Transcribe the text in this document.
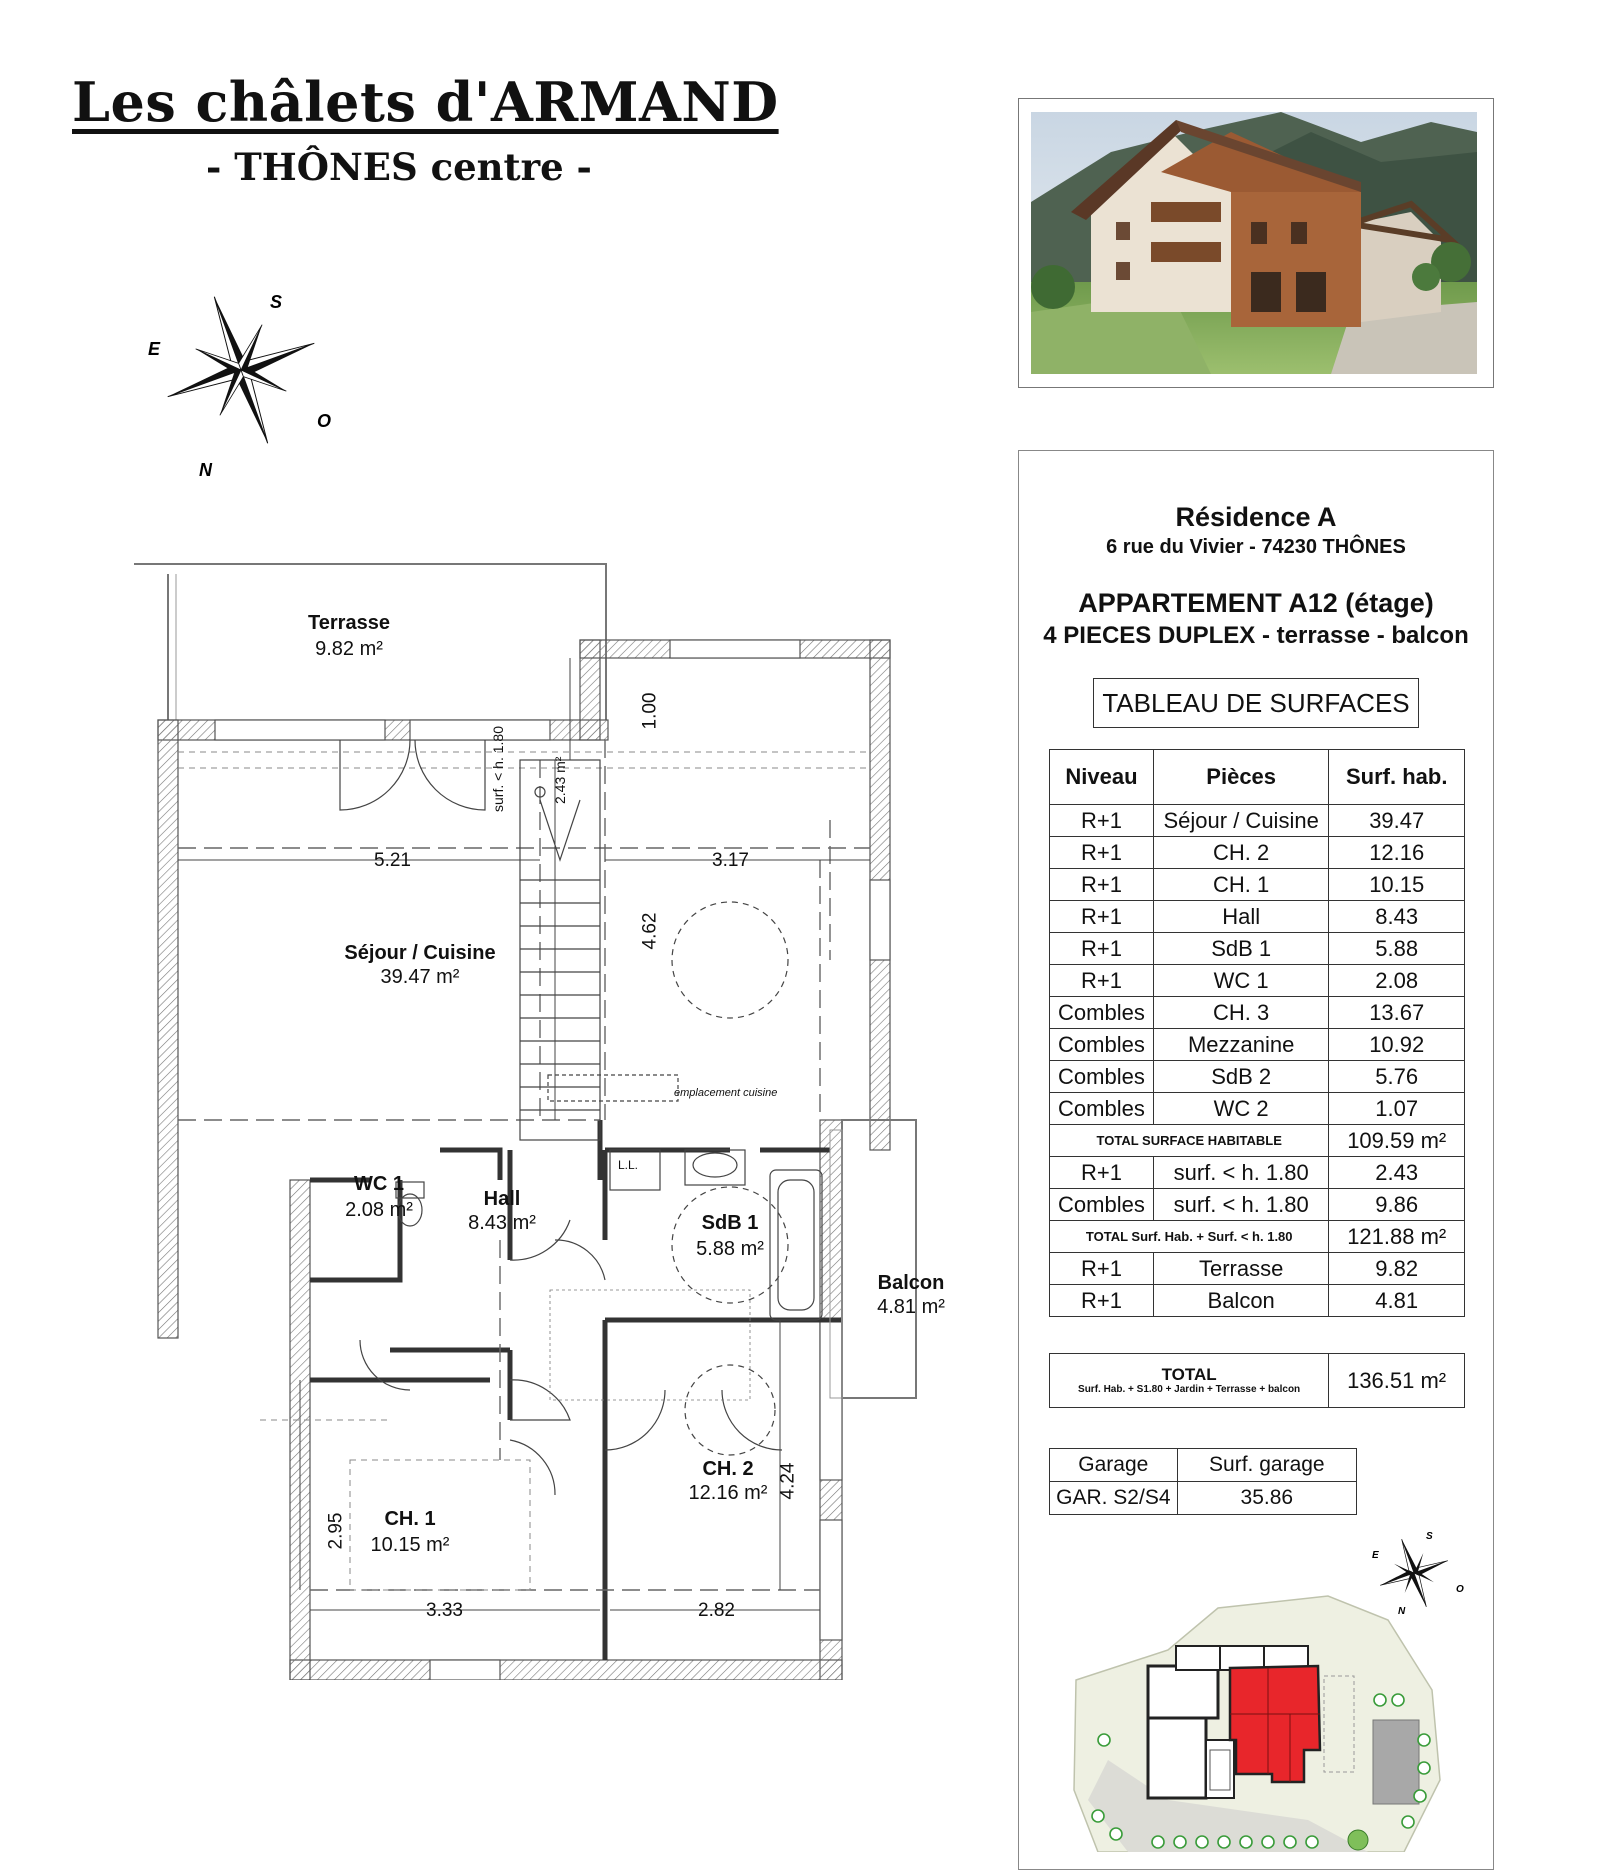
Les châlets d'ARMAND
- THÔNES centre -
S
E
O
N
Résidence A
6 rue du Vivier - 74230 THÔNES
APPARTEMENT A12 (étage)
4 PIECES DUPLEX - terrasse - balcon
TABLEAU DE SURFACES
Niveau	Pièces	Surf. hab.
R+1	Séjour / Cuisine	39.47
R+1	CH. 2	12.16
R+1	CH. 1	10.15
R+1	Hall	8.43
R+1	SdB 1	5.88
R+1	WC 1	2.08
Combles	CH. 3	13.67
Combles	Mezzanine	10.92
Combles	SdB 2	5.76
Combles	WC 2	1.07
TOTAL SURFACE HABITABLE		109.59 m²
R+1	surf. < h. 1.80	2.43
Combles	surf. < h. 1.80	9.86
TOTAL Surf. Hab. + Surf. < h. 1.80		121.88 m²
R+1	Terrasse	9.82
R+1	Balcon	4.81
TOTAL
Surf. Hab. + S1.80 + Jardin + Terrasse + balcon	136.51 m²
Garage	Surf. garage
GAR. S2/S4	35.86
S
E
O
N
Terrasse
9.82 m²
Séjour / Cuisine
39.47 m²
WC 1
2.08 m²	Hall
8.43 m²	SdB 1
5.88 m²
Balcon
4.81 m²
CH. 2
12.16 m²
CH. 1
10.15 m²
5.21	3.17
3.33	2.82
4.62
1.00
4.24
2.95
surf. < h. 1.80	2.43 m²
L.L.
emplacement cuisine
